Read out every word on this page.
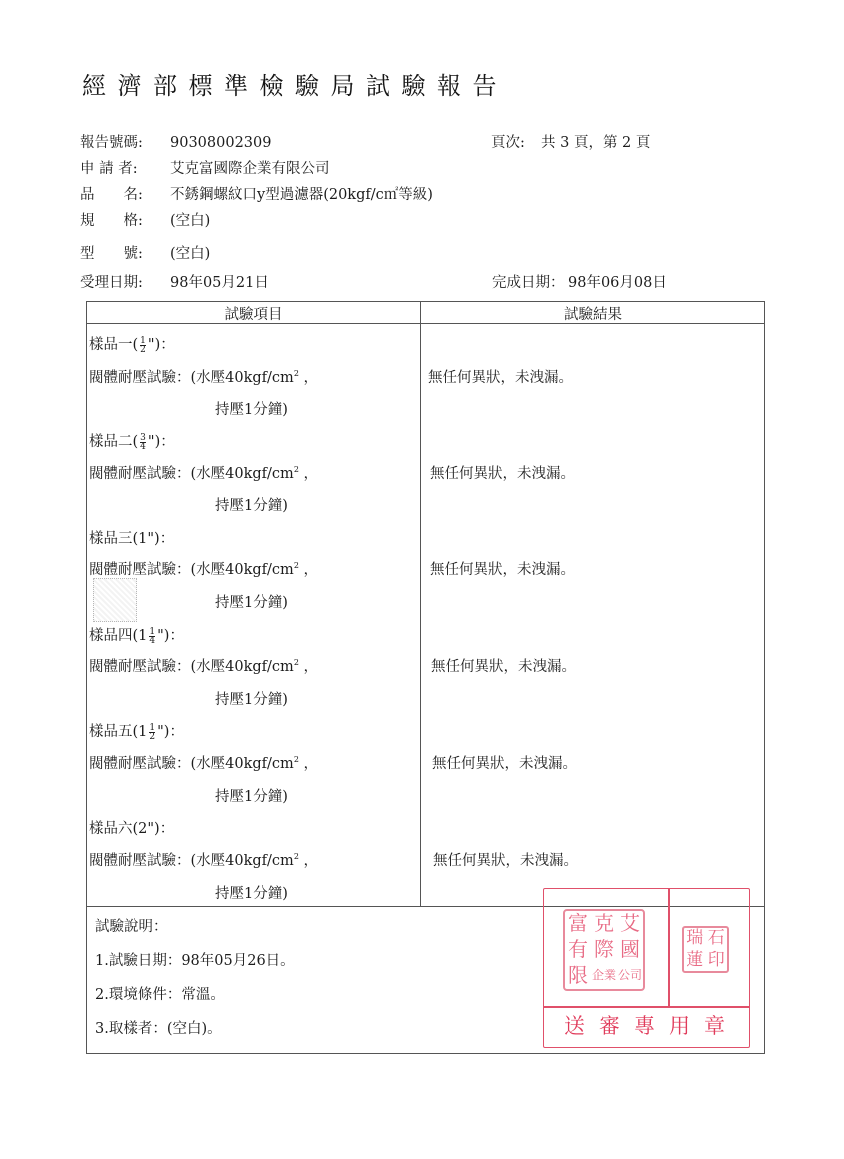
經濟部標準檢驗局試驗報告
報告號碼: 90308002309	頁次: 共 3 頁，第 2 頁
申 請 者: 艾克富國際企業有限公司
品　　名: 不銹鋼螺紋口y型過濾器(20kgf/c㎡等級)
規　　格: (空白)
型　　號: (空白)
受理日期: 98年05月21日	完成日期： 98年06月08日
試驗項目	試驗結果
樣品一( $\frac{1}{2}$ ")：
閥體耐壓試驗：(水壓$40kgf/cm^2$ ，
持壓1分鐘)
無任何異狀，未洩漏。
樣品二( $\frac{3}{4}$ ")：
閥體耐壓試驗：(水壓$40kgf/cm^2$ ，
持壓1分鐘)
無任何異狀，未洩漏。
樣品三(1")：
閥體耐壓試驗：(水壓$40kgf/cm^2$ ，
持壓1分鐘)
無任何異狀，未洩漏。
樣品四($1 \frac{1}{4}$ ")：
閥體耐壓試驗：(水壓$40kgf/cm^2$ ，
持壓1分鐘)
無任何異狀，未洩漏。
樣品五($1 \frac{1}{2}$ ")：
閥體耐壓試驗：(水壓$40kgf/cm^2$ ，
持壓1分鐘)
無任何異狀，未洩漏。
樣品六(2")：
閥體耐壓試驗：(水壓$40kgf/cm^2$ ，
持壓1分鐘)
無任何異狀，未洩漏。
試驗說明：
1.試驗日期：98年05月26日。
2.環境條件：常溫。
3.取樣者：(空白)。
富 克 艾
有 際 國
限 企業 公司
瑞 石
蓮 印
送審專用章
